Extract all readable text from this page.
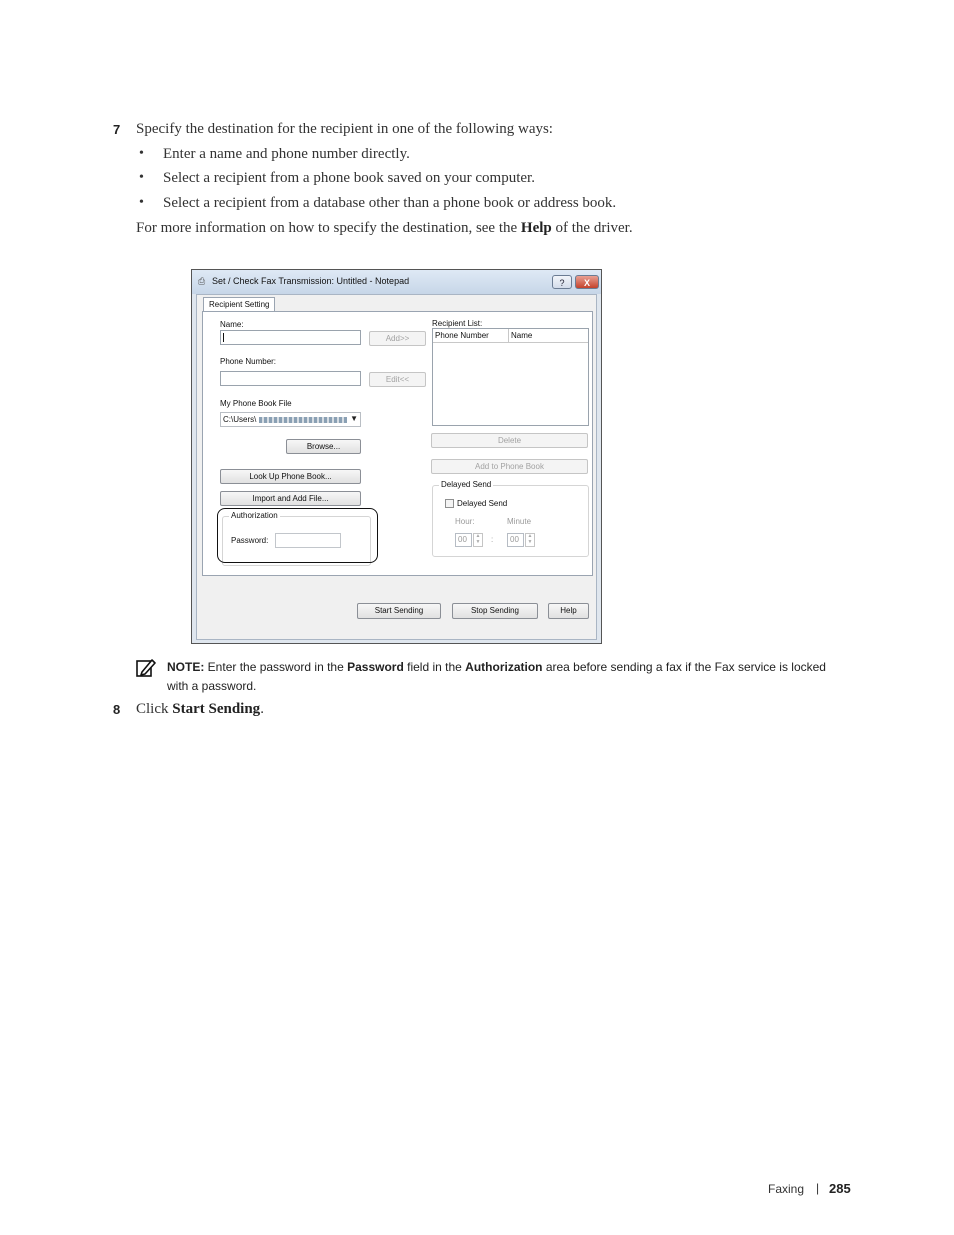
7 Specify the destination for the recipient in one of the following ways:
• Enter a name and phone number directly.
• Select a recipient from a phone book saved on your computer.
• Select a recipient from a database other than a phone book or address book.
For more information on how to specify the destination, see the Help of the driver.
⎙ Set / Check Fax Transmission: Untitled - Notepad	?	X
Recipient Setting
Name:
Add>>
Phone Number:
Edit<<
My Phone Book File
C:\Users\	▼
Browse...
Look Up Phone Book...
Import and Add File...
Authorization
Password:
Recipient List:
Phone Number	Name
Delete
Add to Phone Book
Delayed Send
Delayed Send
Hour:	Minute
00	▲
▼	: 00	▲
▼
Start Sending	Stop Sending	Help
NOTE: Enter the password in the Password field in the Authorization area before sending a fax if the Fax service is locked
with a password.
8 Click Start Sending.
Faxing | 285
